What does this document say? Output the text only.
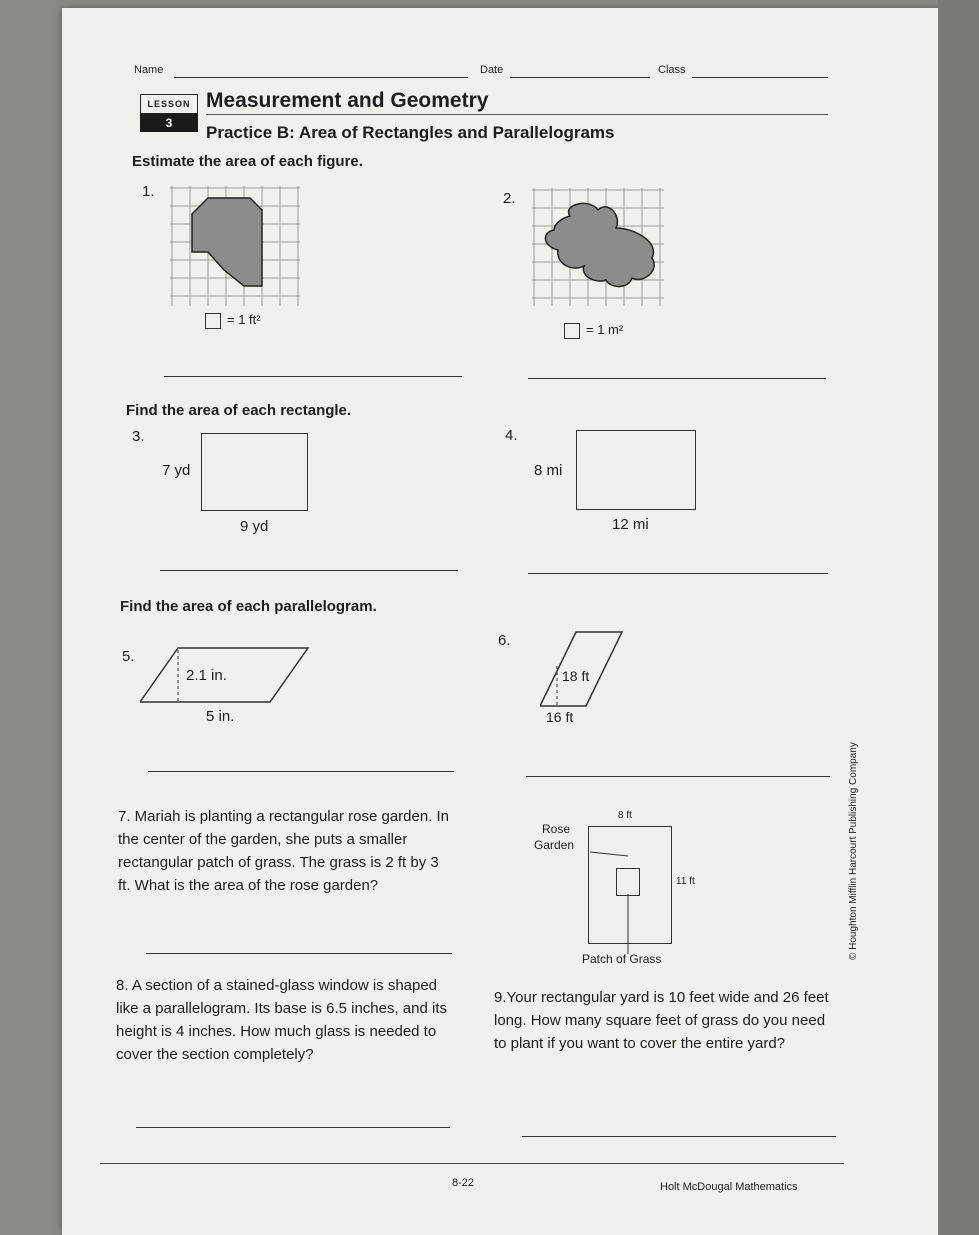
Name	Date	Class
LESSON
3
Measurement and Geometry
Practice B: Area of Rectangles and Parallelograms
Estimate the area of each figure.
1.
= 1 ft²
2.
= 1 m²
Find the area of each rectangle.
3.
7 yd
9 yd
4.
8 mi
12 mi
Find the area of each parallelogram.
5.
2.1 in.
5 in.
6.
18 ft
16 ft
7. Mariah is planting a rectangular rose garden. In the center of the garden, she puts a smaller rectangular patch of grass. The grass is 2 ft by 3 ft. What is the area of the rose garden?
Rose
Garden
8 ft
11 ft
Patch of Grass
8. A section of a stained-glass window is shaped like a parallelogram. Its base is 6.5 inches, and its height is 4 inches. How much glass is needed to cover the section completely?
9.Your rectangular yard is 10 feet wide and 26 feet long. How many square feet of grass do you need to plant if you want to cover the entire yard?
8-22	Holt McDougal Mathematics
© Houghton Mifflin Harcourt Publishing Company
